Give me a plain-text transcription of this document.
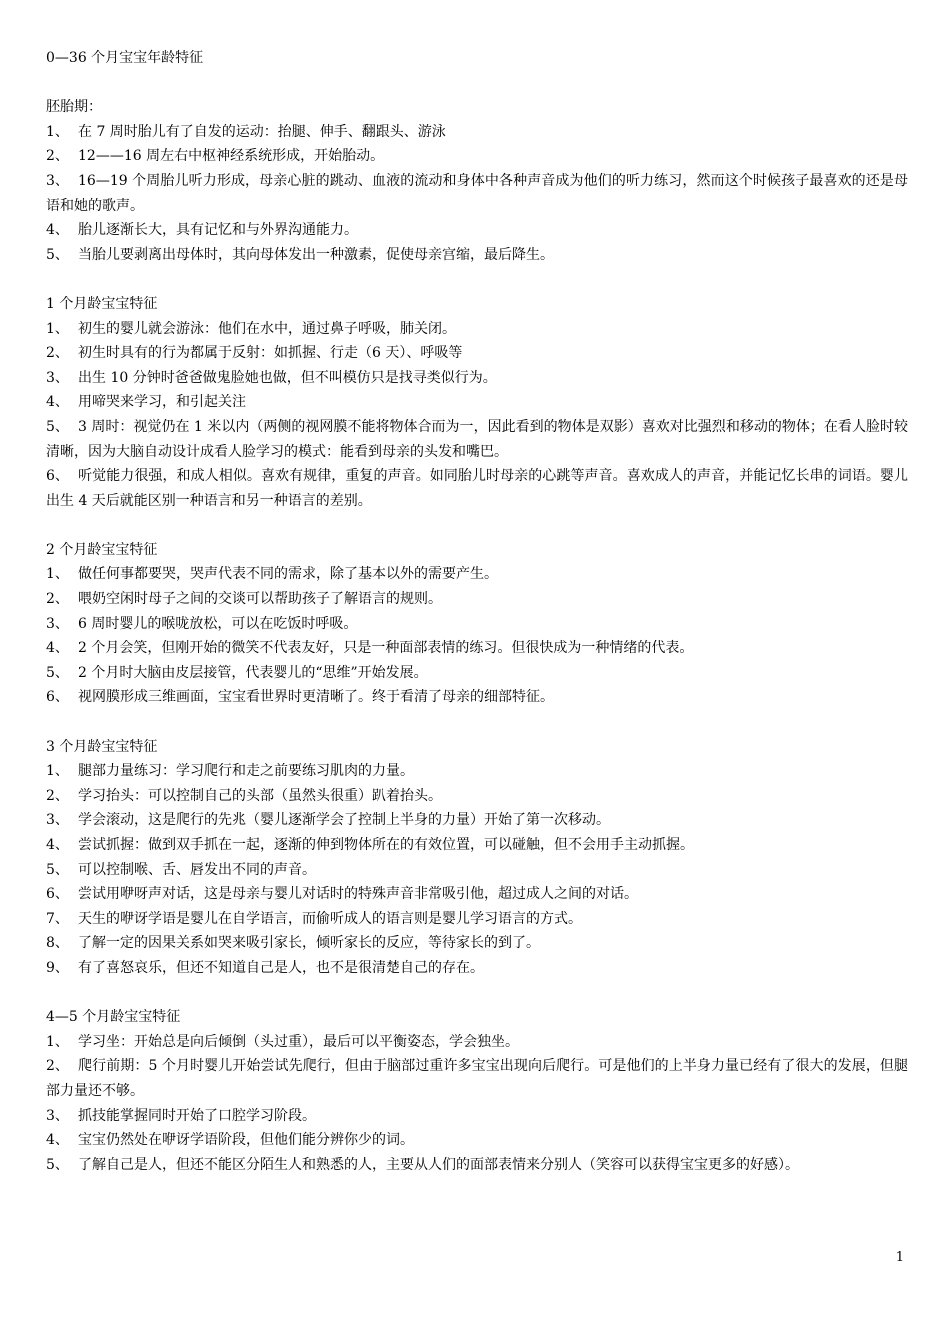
0—36 个月宝宝年龄特征

胚胎期：

1、 在 7 周时胎儿有了自发的运动：抬腿、伸手、翻跟头、游泳

2、 12——16 周左右中枢神经系统形成，开始胎动。

3、 16—19 个周胎儿听力形成，母亲心脏的跳动、血液的流动和身体中各种声音成为他们的听力练习，然而这个时候孩子最喜欢的还是母语和她的歌声。

4、 胎儿逐渐长大，具有记忆和与外界沟通能力。

5、 当胎儿要剥离出母体时，其向母体发出一种激素，促使母亲宫缩，最后降生。

1 个月龄宝宝特征

1、 初生的婴儿就会游泳：他们在水中，通过鼻子呼吸，肺关闭。

2、 初生时具有的行为都属于反射：如抓握、行走（6 天）、呼吸等

3、 出生 10 分钟时爸爸做鬼脸她也做，但不叫模仿只是找寻类似行为。

4、 用啼哭来学习，和引起关注

5、 3 周时：视觉仍在 1 米以内（两侧的视网膜不能将物体合而为一，因此看到的物体是双影）喜欢对比强烈和移动的物体；在看人脸时较清晰，因为大脑自动设计成看人脸学习的模式：能看到母亲的头发和嘴巴。

6、 听觉能力很强，和成人相似。喜欢有规律，重复的声音。如同胎儿时母亲的心跳等声音。喜欢成人的声音，并能记忆长串的词语。婴儿出生 4 天后就能区别一种语言和另一种语言的差别。

2 个月龄宝宝特征

1、 做任何事都要哭，哭声代表不同的需求，除了基本以外的需要产生。

2、 喂奶空闲时母子之间的交谈可以帮助孩子了解语言的规则。

3、 6 周时婴儿的喉咙放松，可以在吃饭时呼吸。

4、 2 个月会笑，但刚开始的微笑不代表友好，只是一种面部表情的练习。但很快成为一种情绪的代表。

5、 2 个月时大脑由皮层接管，代表婴儿的“思维”开始发展。

6、 视网膜形成三维画面，宝宝看世界时更清晰了。终于看清了母亲的细部特征。

3 个月龄宝宝特征

1、 腿部力量练习：学习爬行和走之前要练习肌肉的力量。

2、 学习抬头：可以控制自己的头部（虽然头很重）趴着抬头。

3、 学会滚动，这是爬行的先兆（婴儿逐渐学会了控制上半身的力量）开始了第一次移动。

4、 尝试抓握：做到双手抓在一起，逐渐的伸到物体所在的有效位置，可以碰触，但不会用手主动抓握。

5、 可以控制喉、舌、唇发出不同的声音。

6、 尝试用咿呀声对话，这是母亲与婴儿对话时的特殊声音非常吸引他，超过成人之间的对话。

7、 天生的咿讶学语是婴儿在自学语言，而偷听成人的语言则是婴儿学习语言的方式。

8、 了解一定的因果关系如哭来吸引家长，倾听家长的反应，等待家长的到了。

9、 有了喜怒哀乐，但还不知道自己是人，也不是很清楚自己的存在。

4—5 个月龄宝宝特征

1、 学习坐：开始总是向后倾倒（头过重），最后可以平衡姿态，学会独坐。

2、 爬行前期：5 个月时婴儿开始尝试先爬行，但由于脑部过重许多宝宝出现向后爬行。可是他们的上半身力量已经有了很大的发展，但腿部力量还不够。

3、 抓技能掌握同时开始了口腔学习阶段。

4、 宝宝仍然处在咿讶学语阶段，但他们能分辨你少的词。

5、 了解自己是人，但还不能区分陌生人和熟悉的人，主要从人们的面部表情来分别人（笑容可以获得宝宝更多的好感）。

1
